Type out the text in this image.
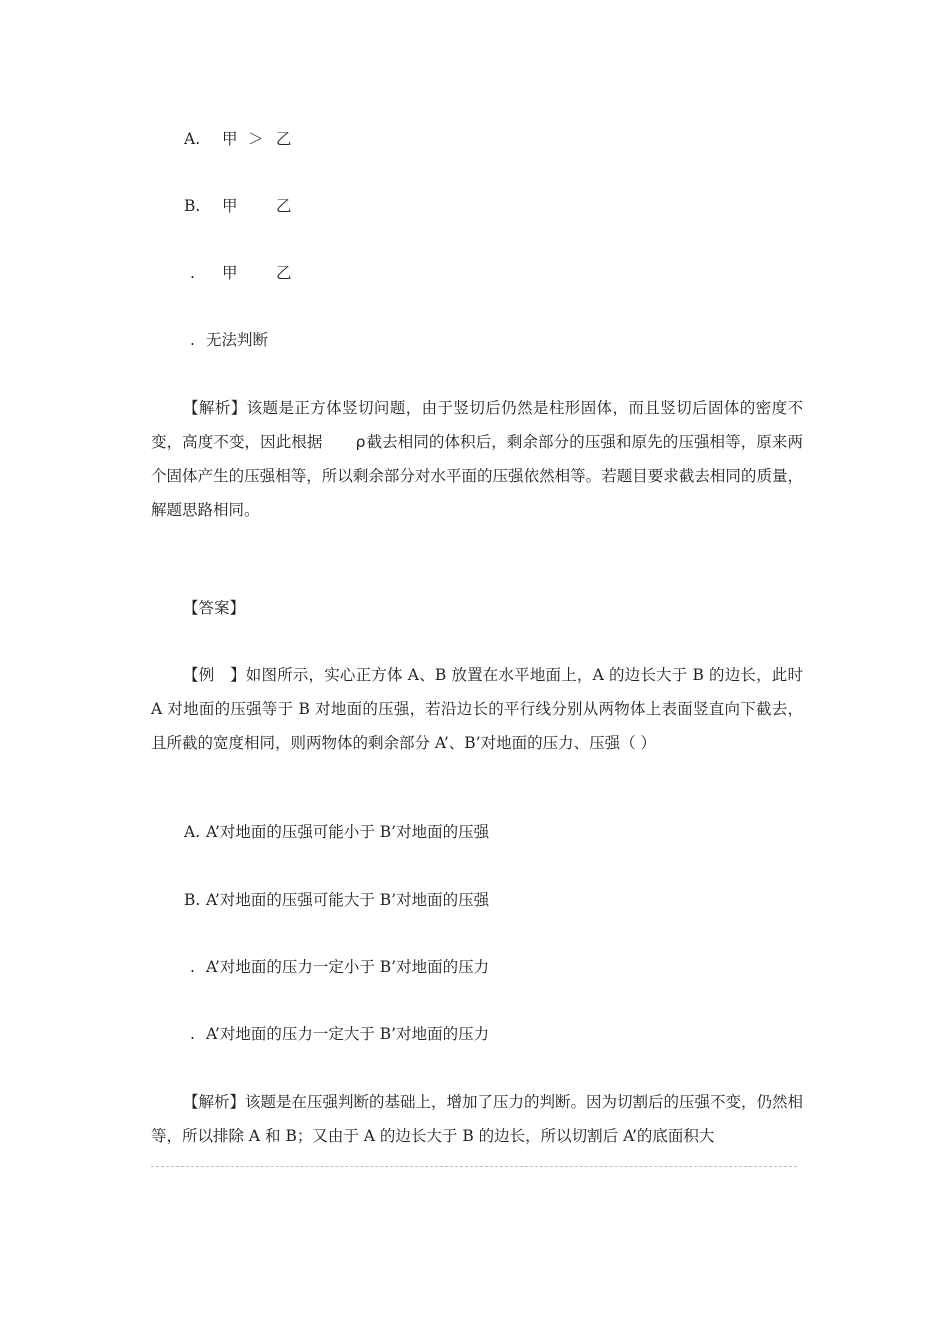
A. 甲 ＞ 乙
B. 甲 乙
. 甲 乙
. 无法判断
【解析】该题是正方体竖切问题，由于竖切后仍然是柱形固体，而且竖切后固体的密度不变，高度不变，因此根据 ρ截去相同的体积后，剩余部分的压强和原先的压强相等，原来两个固体产生的压强相等，所以剩余部分对水平面的压强依然相等。若题目要求截去相同的质量，解题思路相同。
【答案】
【例　】如图所示，实心正方体 A、B 放置在水平地面上，A 的边长大于 B 的边长，此时 A 对地面的压强等于 B 对地面的压强，若沿边长的平行线分别从两物体上表面竖直向下截去，且所截的宽度相同，则两物体的剩余部分 A’、B’对地面的压力、压强（ ）
A. A’对地面的压强可能小于 B’对地面的压强
B. A’对地面的压强可能大于 B’对地面的压强
. A’对地面的压力一定小于 B’对地面的压力
. A’对地面的压力一定大于 B’对地面的压力
【解析】该题是在压强判断的基础上，增加了压力的判断。因为切割后的压强不变，仍然相等，所以排除 A 和 B；又由于 A 的边长大于 B 的边长，所以切割后 A’的底面积大
